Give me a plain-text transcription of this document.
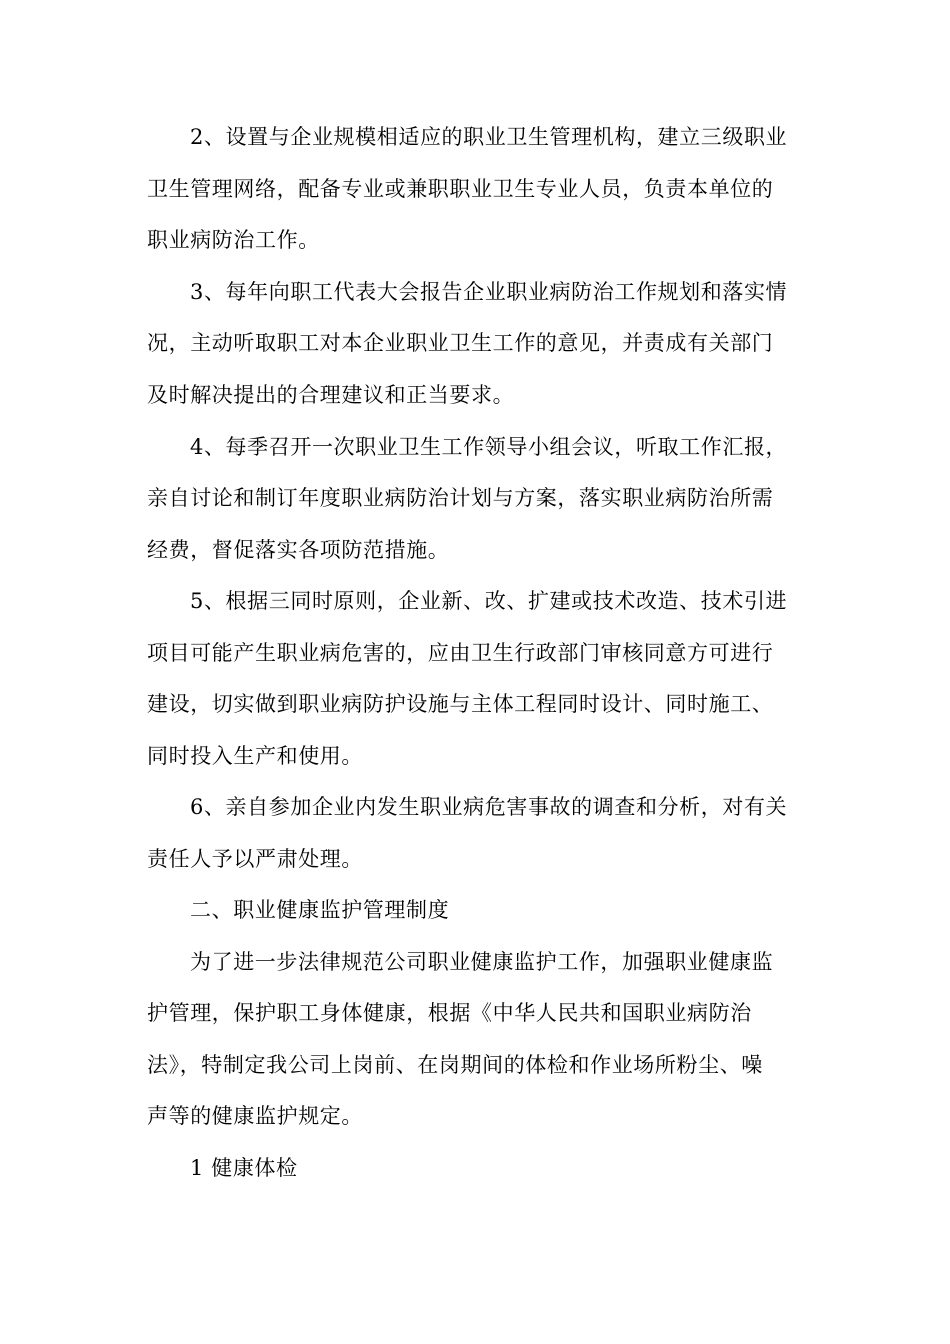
2、设置与企业规模相适应的职业卫生管理机构，建立三级职业
卫生管理网络，配备专业或兼职职业卫生专业人员，负责本单位的
职业病防治工作。
3、每年向职工代表大会报告企业职业病防治工作规划和落实情
况，主动听取职工对本企业职业卫生工作的意见，并责成有关部门
及时解决提出的合理建议和正当要求。
4、每季召开一次职业卫生工作领导小组会议，听取工作汇报，
亲自讨论和制订年度职业病防治计划与方案，落实职业病防治所需
经费，督促落实各项防范措施。
5、根据三同时原则，企业新、改、扩建或技术改造、技术引进
项目可能产生职业病危害的，应由卫生行政部门审核同意方可进行
建设，切实做到职业病防护设施与主体工程同时设计、同时施工、
同时投入生产和使用。
6、亲自参加企业内发生职业病危害事故的调查和分析，对有关
责任人予以严肃处理。
二、职业健康监护管理制度
为了进一步法律规范公司职业健康监护工作，加强职业健康监
护管理，保护职工身体健康，根据《中华人民共和国职业病防治
法》，特制定我公司上岗前、在岗期间的体检和作业场所粉尘、噪
声等的健康监护规定。
1 健康体检
